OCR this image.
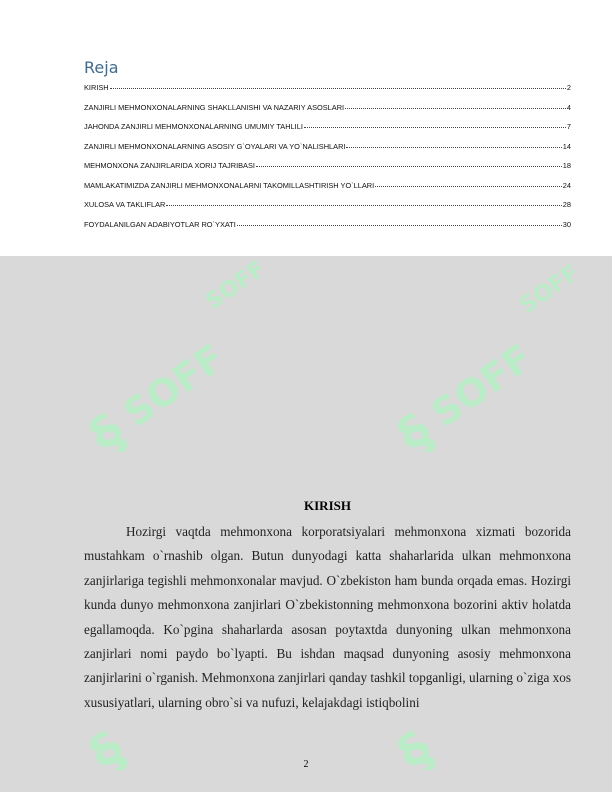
Reja
KIRISH	2
ZANJIRLI MEHMONXONALARNING SHAKLLANISHI VA NAZARIY ASOSLARI	4
JAHONDA ZANJIRLI MEHMONXONALARNING UMUMIY TAHLILI	7
ZANJIRLI MEHMONXONALARNING ASOSIY G`OYALARI VA YO`NALISHLARI	14
MEHMONXONA ZANJIRLARIDA XORIJ TAJRIBASI	18
MAMLAKATIMIZDA ZANJIRLI MEHMONXONALARNI TAKOMILLASHTIRISH YO`LLARI	24
XULOSA VA TAKLIFLAR	28
FOYDALANILGAN ADABIYOTLAR RO`YXATI	30
§
SOFF	§
SOFF
SOFF	SOFF
§	§
KIRISH

Hozirgi vaqtda mehmonxona korporatsiyalari mehmonxona xizmati bozorida mustahkam o`rnashib olgan. Butun dunyodagi katta shaharlarida ulkan mehmonxona zanjirlariga tegishli mehmonxonalar mavjud. O`zbekiston ham bunda orqada emas. Hozirgi kunda dunyo mehmonxona zanjirlari O`zbekistonning mehmonxona bozorini aktiv holatda egallamoqda. Ko`pgina shaharlarda asosan poytaxtda dunyoning ulkan mehmonxona zanjirlari nomi paydo bo`lyapti. Bu ishdan maqsad dunyoning asosiy mehmonxona zanjirlarini o`rganish. Mehmonxona zanjirlari qanday tashkil topganligi, ularning o`ziga xos xususiyatlari, ularning obro`si va nufuzi, kelajakdagi istiqbolini

2
